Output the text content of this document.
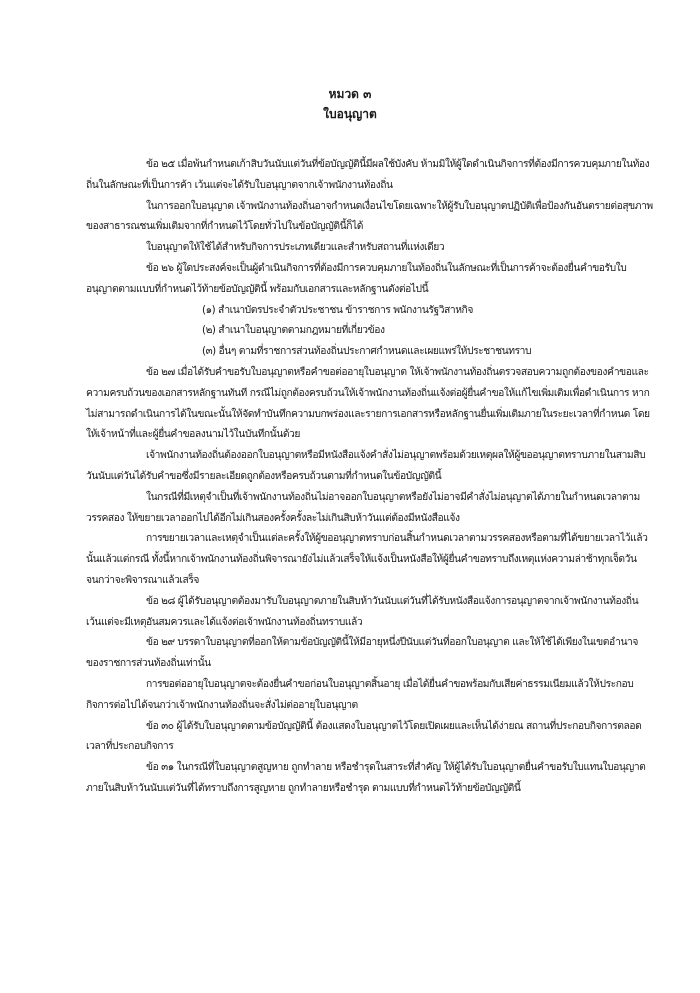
หมวด ๓
ใบอนุญาต

ข้อ ๒๕ เมื่อพ้นกำหนดเก้าสิบวันนับแต่วันที่ข้อบัญญัตินี้มีผลใช้บังคับ ห้ามมิให้ผู้ใดดำเนินกิจการที่ต้องมีการควบคุมภายในท้องถิ่นในลักษณะที่เป็นการค้า เว้นแต่จะได้รับใบอนุญาตจากเจ้าพนักงานท้องถิ่น

ในการออกใบอนุญาต เจ้าพนักงานท้องถิ่นอาจกำหนดเงื่อนไขโดยเฉพาะให้ผู้รับใบอนุญาตปฏิบัติเพื่อป้องกันอันตรายต่อสุขภาพของสาธารณชนเพิ่มเติมจากที่กำหนดไว้โดยทั่วไปในข้อบัญญัตินี้ก็ได้

ใบอนุญาตให้ใช้ได้สำหรับกิจการประเภทเดียวและสำหรับสถานที่แห่งเดียว

ข้อ ๒๖ ผู้ใดประสงค์จะเป็นผู้ดำเนินกิจการที่ต้องมีการควบคุมภายในท้องถิ่นในลักษณะที่เป็นการค้าจะต้องยื่นคำขอรับใบอนุญาตตามแบบที่กำหนดไว้ท้ายข้อบัญญัตินี้ พร้อมกับเอกสารและหลักฐานดังต่อไปนี้

(๑) สำเนาบัตรประจำตัวประชาชน ข้าราชการ พนักงานรัฐวิสาหกิจ

(๒) สำเนาใบอนุญาตตามกฎหมายที่เกี่ยวข้อง

(๓) อื่นๆ ตามที่ราชการส่วนท้องถิ่นประกาศกำหนดและเผยแพร่ให้ประชาชนทราบ

ข้อ ๒๗ เมื่อได้รับคำขอรับใบอนุญาตหรือคำขอต่ออายุใบอนุญาต ให้เจ้าพนักงานท้องถิ่นตรวจสอบความถูกต้องของคำขอและความครบถ้วนของเอกสารหลักฐานทันที กรณีไม่ถูกต้องครบถ้วนให้เจ้าพนักงานท้องถิ่นแจ้งต่อผู้ยื่นคำขอให้แก้ไขเพิ่มเติมเพื่อดำเนินการ หากไม่สามารถดำเนินการได้ในขณะนั้นให้จัดทำบันทึกความบกพร่องและรายการเอกสารหรือหลักฐานยื่นเพิ่มเติมภายในระยะเวลาที่กำหนด โดยให้เจ้าหน้าที่และผู้ยื่นคำขอลงนามไว้ในบันทึกนั้นด้วย

เจ้าพนักงานท้องถิ่นต้องออกใบอนุญาตหรือมีหนังสือแจ้งคำสั่งไม่อนุญาตพร้อมด้วยเหตุผลให้ผู้ขออนุญาตทราบภายในสามสิบวันนับแต่วันได้รับคำขอซึ่งมีรายละเอียดถูกต้องหรือครบถ้วนตามที่กำหนดในข้อบัญญัตินี้

ในกรณีที่มีเหตุจำเป็นที่เจ้าพนักงานท้องถิ่นไม่อาจออกใบอนุญาตหรือยังไม่อาจมีคำสั่งไม่อนุญาตได้ภายในกำหนดเวลาตามวรรคสอง ให้ขยายเวลาออกไปได้อีกไม่เกินสองครั้งครั้งละไม่เกินสิบห้าวันแต่ต้องมีหนังสือแจ้ง

การขยายเวลาและเหตุจำเป็นแต่ละครั้งให้ผู้ขออนุญาตทราบก่อนสิ้นกำหนดเวลาตามวรรคสองหรือตามที่ได้ขยายเวลาไว้แล้วนั้นแล้วแต่กรณี ทั้งนี้หากเจ้าพนักงานท้องถิ่นพิจารณายังไม่แล้วเสร็จให้แจ้งเป็นหนังสือให้ผู้ยื่นคำขอทราบถึงเหตุแห่งความล่าช้าทุกเจ็ดวันจนกว่าจะพิจารณาแล้วเสร็จ

ข้อ ๒๘ ผู้ได้รับอนุญาตต้องมารับใบอนุญาตภายในสิบห้าวันนับแต่วันที่ได้รับหนังสือแจ้งการอนุญาตจากเจ้าพนักงานท้องถิ่น เว้นแต่จะมีเหตุอันสมควรและได้แจ้งต่อเจ้าพนักงานท้องถิ่นทราบแล้ว

ข้อ ๒๙ บรรดาใบอนุญาตที่ออกให้ตามข้อบัญญัตินี้ให้มีอายุหนึ่งปีนับแต่วันที่ออกใบอนุญาต และให้ใช้ได้เพียงในเขตอำนาจของราชการส่วนท้องถิ่นเท่านั้น

การขอต่ออายุใบอนุญาตจะต้องยื่นคำขอก่อนใบอนุญาตสิ้นอายุ เมื่อได้ยื่นคำขอพร้อมกับเสียค่าธรรมเนียมแล้วให้ประกอบกิจการต่อไปได้จนกว่าเจ้าพนักงานท้องถิ่นจะสั่งไม่ต่ออายุใบอนุญาต

ข้อ ๓๐ ผู้ได้รับใบอนุญาตตามข้อบัญญัตินี้ ต้องแสดงใบอนุญาตไว้โดยเปิดเผยและเห็นได้ง่ายณ สถานที่ประกอบกิจการตลอดเวลาที่ประกอบกิจการ

ข้อ ๓๑ ในกรณีที่ใบอนุญาตสูญหาย ถูกทำลาย หรือชำรุดในสาระที่สำคัญ ให้ผู้ได้รับใบอนุญาตยื่นคำขอรับใบแทนใบอนุญาตภายในสิบห้าวันนับแต่วันที่ได้ทราบถึงการสูญหาย ถูกทำลายหรือชำรุด ตามแบบที่กำหนดไว้ท้ายข้อบัญญัตินี้
